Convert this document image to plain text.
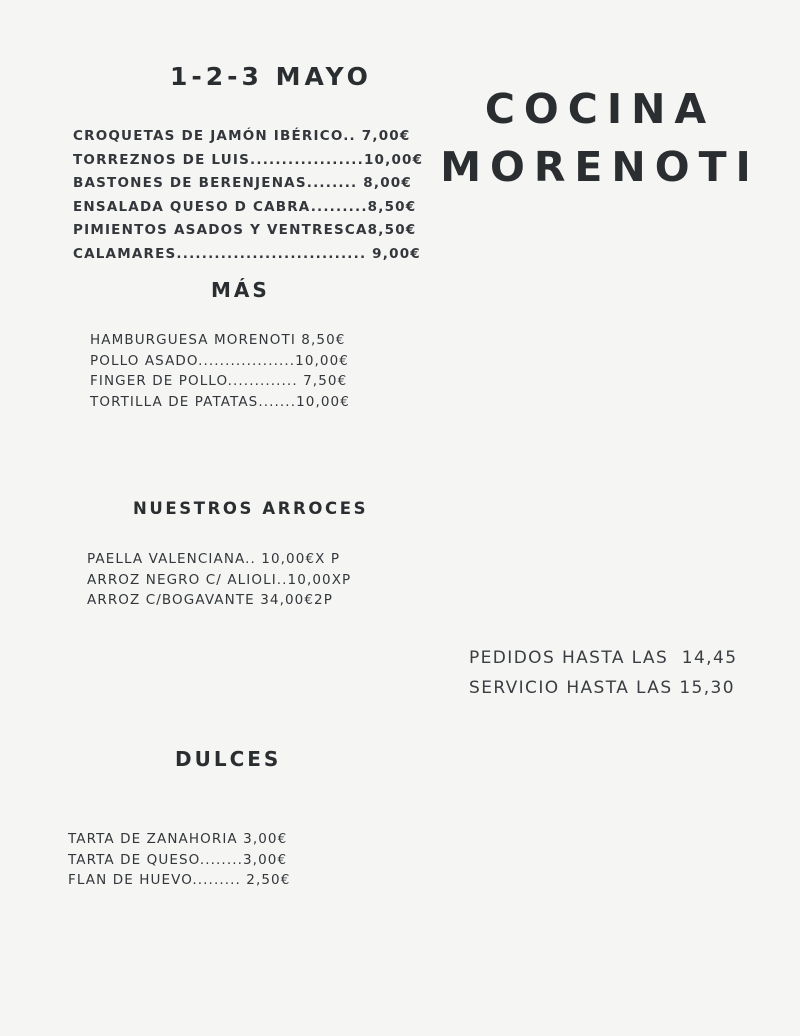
1-2-3 MAYO
COCINA
MORENOTI
CROQUETAS DE JAMÓN IBÉRICO.. 7,00€
TORREZNOS DE LUIS..................10,00€
BASTONES DE BERENJENAS........ 8,00€
ENSALADA QUESO D CABRA.........8,50€
PIMIENTOS ASADOS Y VENTRESCA8,50€
CALAMARES.............................. 9,00€
MÁS
HAMBURGUESA MORENOTI 8,50€
POLLO ASADO..................10,00€
FINGER DE POLLO............. 7,50€
TORTILLA DE PATATAS.......10,00€
NUESTROS ARROCES
PAELLA VALENCIANA.. 10,00€X P
ARROZ NEGRO C/ ALIOLI..10,00XP
ARROZ C/BOGAVANTE 34,00€2P
PEDIDOS HASTA LAS  14,45
SERVICIO HASTA LAS 15,30
DULCES
TARTA DE ZANAHORIA 3,00€
TARTA DE QUESO........3,00€
FLAN DE HUEVO......... 2,50€
